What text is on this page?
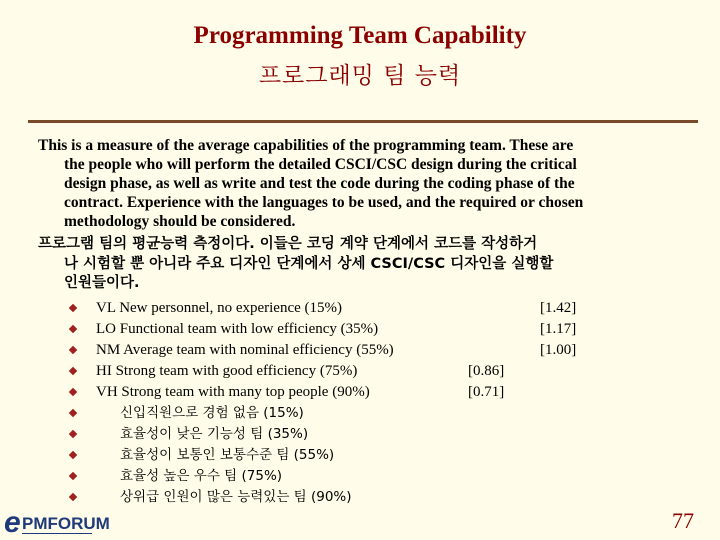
Programming Team Capability
프로그래밍 팀 능력
This is a measure of the average capabilities of the programming team. These are
the people who will perform the detailed CSCI/CSC design during the critical
design phase, as well as write and test the code during the coding phase of the
contract. Experience with the languages to be used, and the required or chosen
methodology should be considered.
프로그램 팀의 평균능력 측정이다. 이들은 코딩 계약 단계에서 코드를 작성하거
나 시험할 뿐 아니라 주요 디자인 단계에서 상세 CSCI/CSC 디자인을 실행할
인원들이다.
VL New personnel, no experience (15%)	[1.42]
LO Functional team with low efficiency (35%)	[1.17]
NM Average team with nominal efficiency (55%)	[1.00]
HI Strong team with good efficiency (75%)	[0.86]
VH Strong team with many top people (90%)	[0.71]
신입직원으로 경험 없음 (15%)
효율성이 낮은 기능성 팀 (35%)
효율성이 보통인 보통수준 팀 (55%)
효율성 높은 우수 팀 (75%)
상위급 인원이 많은 능력있는 팀 (90%)
e PMFORUM	77
